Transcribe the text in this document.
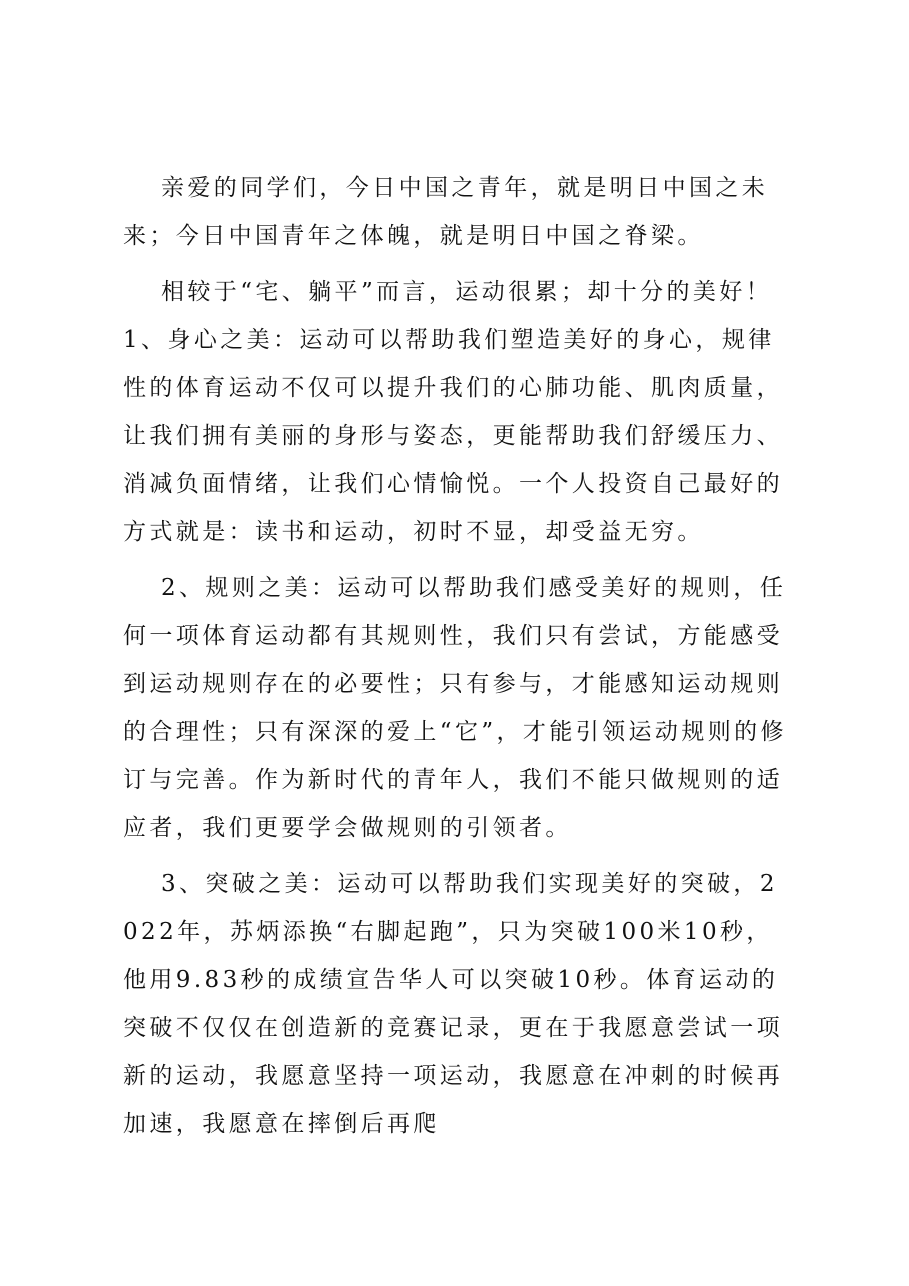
亲爱的同学们，今日中国之青年，就是明日中国之未来；今日中国青年之体魄，就是明日中国之脊梁。

相较于“宅、躺平”而言，运动很累；却十分的美好！1、身心之美：运动可以帮助我们塑造美好的身心，规律性的体育运动不仅可以提升我们的心肺功能、肌肉质量，让我们拥有美丽的身形与姿态，更能帮助我们舒缓压力、消减负面情绪，让我们心情愉悦。一个人投资自己最好的方式就是：读书和运动，初时不显，却受益无穷。

2、规则之美：运动可以帮助我们感受美好的规则，任何一项体育运动都有其规则性，我们只有尝试，方能感受到运动规则存在的必要性；只有参与，才能感知运动规则的合理性；只有深深的爱上“它”，才能引领运动规则的修订与完善。作为新时代的青年人，我们不能只做规则的适应者，我们更要学会做规则的引领者。

3、突破之美：运动可以帮助我们实现美好的突破，2022年，苏炳添换“右脚起跑”，只为突破100米10秒，他用9.83秒的成绩宣告华人可以突破10秒。体育运动的突破不仅仅在创造新的竞赛记录，更在于我愿意尝试一项新的运动，我愿意坚持一项运动，我愿意在冲刺的时候再加速，我愿意在摔倒后再爬
